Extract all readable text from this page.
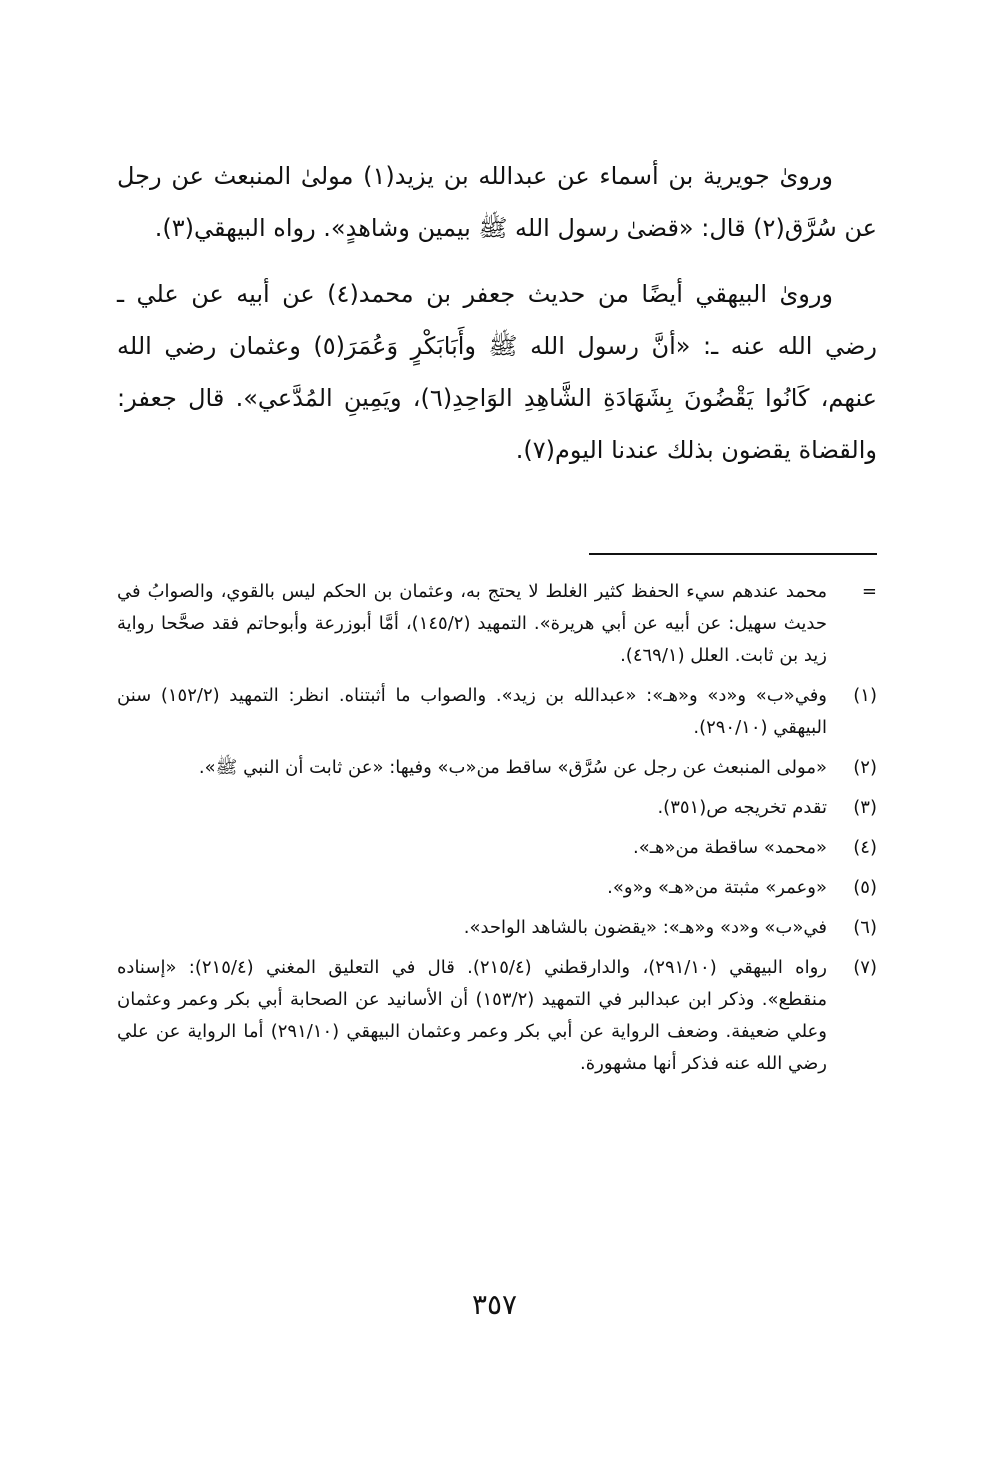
وروىٰ جويرية بن أسماء عن عبدالله بن يزيد(١) مولىٰ المنبعث عن رجل عن سُرَّق(٢) قال: «قضىٰ رسول الله ﷺ بيمين وشاهدٍ». رواه البيهقي(٣).

وروىٰ البيهقي أيضًا من حديث جعفر بن محمد(٤) عن أبيه عن علي ـ رضي الله عنه ـ: «أنَّ رسول الله ﷺ وأَبَابَكْرٍ وَعُمَرَ(٥) وعثمان رضي الله عنهم، كَانُوا يَقْضُونَ بِشَهَادَةِ الشَّاهِدِ الوَاحِدِ(٦)، ويَمِينِ المُدَّعي». قال جعفر: والقضاة يقضون بذلك عندنا اليوم(٧).

=
محمد عندهم سيء الحفظ كثير الغلط لا يحتج به، وعثمان بن الحكم ليس بالقوي، والصوابُ في حديث سهيل: عن أبيه عن أبي هريرة». التمهيد (١٤٥/٢)، أمَّا أبوزرعة وأبوحاتم فقد صحَّحا رواية زيد بن ثابت. العلل (٤٦٩/١).
(١)
وفي«ب» و«د» و«هـ»: «عبدالله بن زيد». والصواب ما أثبتناه. انظر: التمهيد (١٥٢/٢) سنن البيهقي (٢٩٠/١٠).
(٢)
«مولى المنبعث عن رجل عن سُرَّق» ساقط من«ب» وفيها: «عن ثابت أن النبي ﷺ».
(٣)
تقدم تخريجه ص(٣٥١).
(٤)
«محمد» ساقطة من«هـ».
(٥)
«وعمر» مثبتة من«هـ» و«و».
(٦)
في«ب» و«د» و«هـ»: «يقضون بالشاهد الواحد».
(٧)
رواه البيهقي (٢٩١/١٠)، والدارقطني (٢١٥/٤). قال في التعليق المغني (٢١٥/٤): «إسناده منقطع». وذكر ابن عبدالبر في التمهيد (١٥٣/٢) أن الأسانيد عن الصحابة أبي بكر وعمر وعثمان وعلي ضعيفة. وضعف الرواية عن أبي بكر وعمر وعثمان البيهقي (٢٩١/١٠) أما الرواية عن علي رضي الله عنه فذكر أنها مشهورة.
٣٥٧
